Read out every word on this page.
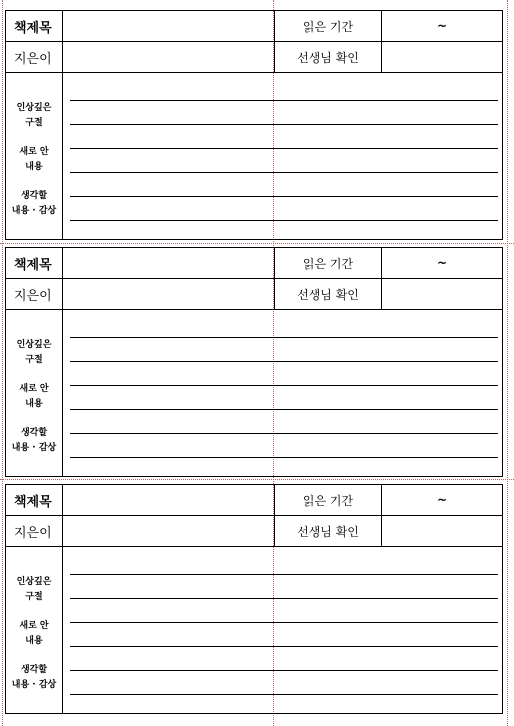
책제목	읽은 기간	~
지은이	선생님 확인
인상깊은
구절
새로 안
내용
생각할
내용 · 감상
책제목	읽은 기간	~
지은이	선생님 확인
인상깊은
구절
새로 안
내용
생각할
내용 · 감상
책제목	읽은 기간	~
지은이	선생님 확인
인상깊은
구절
새로 안
내용
생각할
내용 · 감상
